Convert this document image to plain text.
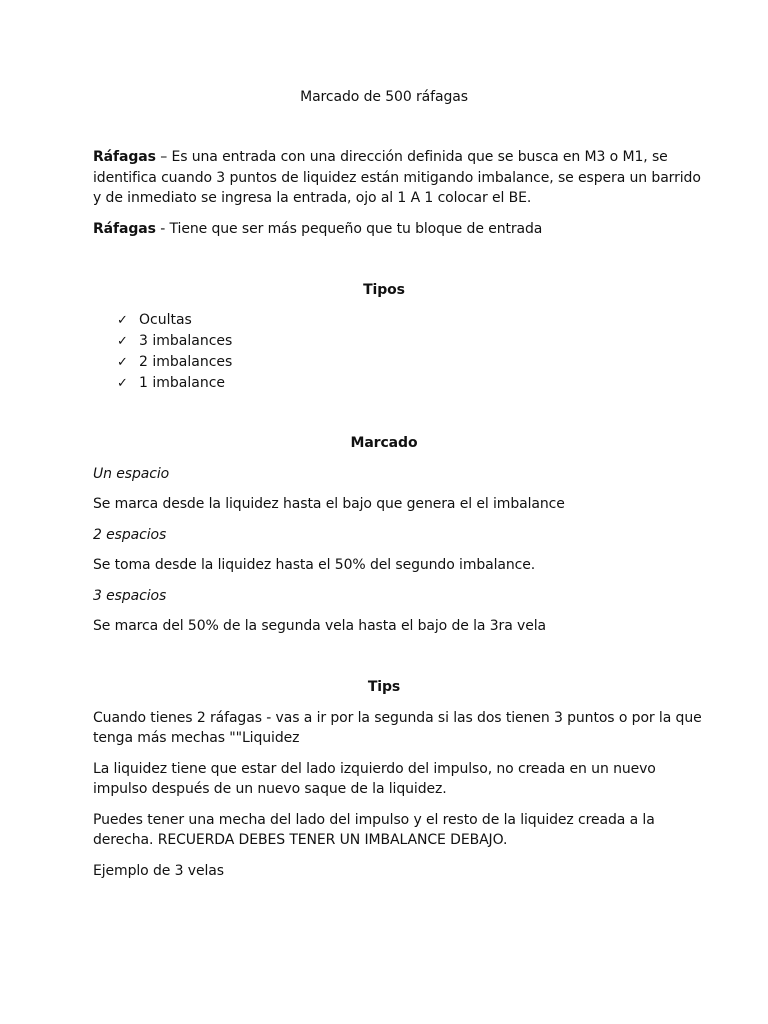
Marcado de 500 ráfagas
Ráfagas – Es una entrada con una dirección definida que se busca en M3 o M1, se
identifica cuando 3 puntos de liquidez están mitigando imbalance, se espera un barrido
y de inmediato se ingresa la entrada, ojo al 1 A 1 colocar el BE.
Ráfagas - Tiene que ser más pequeño que tu bloque de entrada
Tipos
✓ Ocultas
✓ 3 imbalances
✓ 2 imbalances
✓ 1 imbalance
Marcado
Un espacio
Se marca desde la liquidez hasta el bajo que genera el el imbalance
2 espacios
Se toma desde la liquidez hasta el 50% del segundo imbalance.
3 espacios
Se marca del 50% de la segunda vela hasta el bajo de la 3ra vela
Tips
Cuando tienes 2 ráfagas - vas a ir por la segunda si las dos tienen 3 puntos o por la que
tenga más mechas ""Liquidez
La liquidez tiene que estar del lado izquierdo del impulso, no creada en un nuevo
impulso después de un nuevo saque de la liquidez.
Puedes tener una mecha del lado del impulso y el resto de la liquidez creada a la
derecha. RECUERDA DEBES TENER UN IMBALANCE DEBAJO.
Ejemplo de 3 velas
